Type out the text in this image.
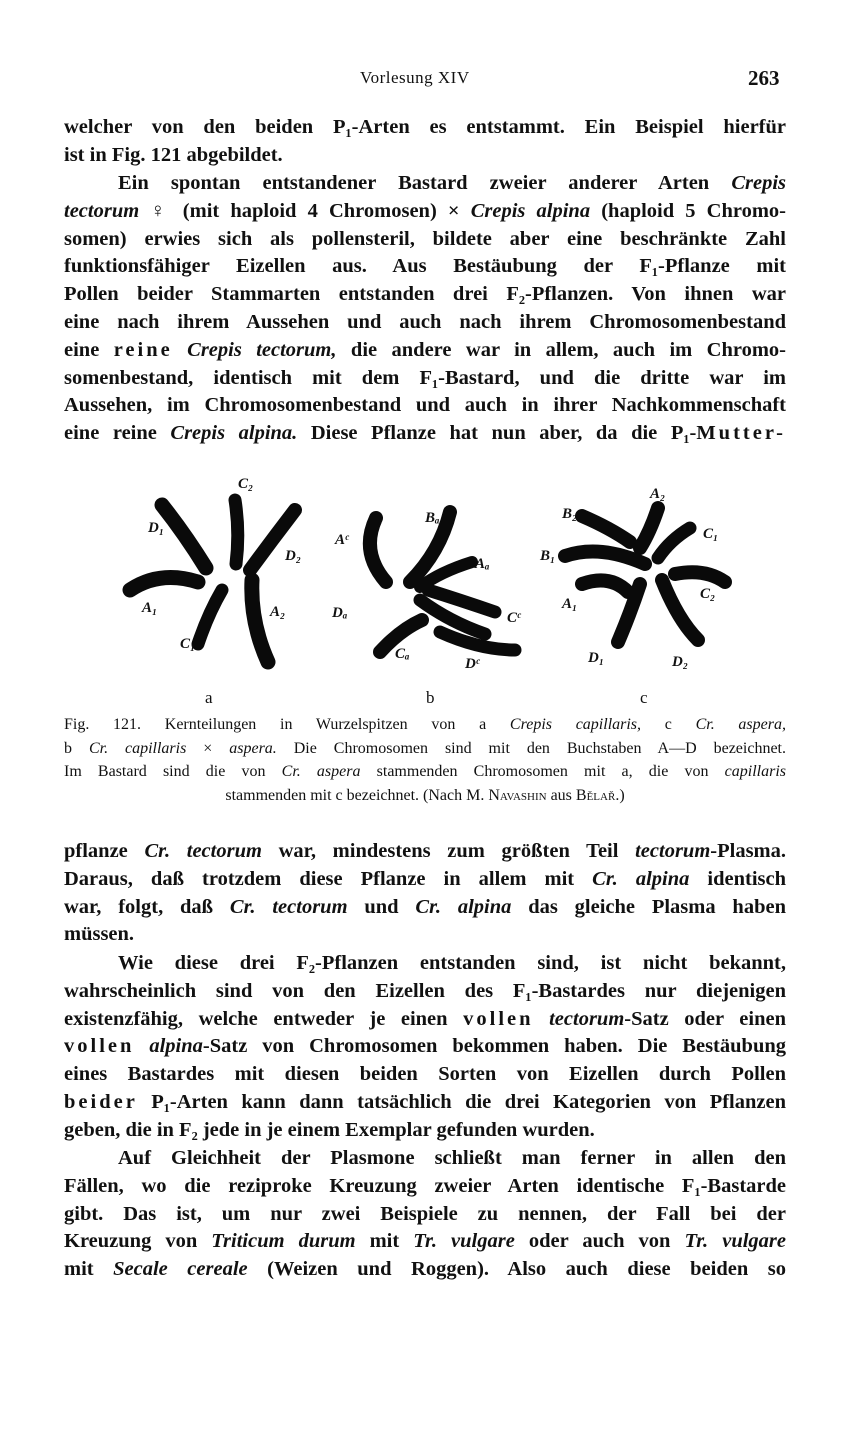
Vorlesung XIV	263

welcher von den beiden P₁-Arten es entstammt. Ein Beispiel hierfür
ist in Fig. 121 abgebildet.

Ein spontan entstandener Bastard zweier anderer Arten Crepis
tectorum ♀ (mit haploid 4 Chromosen) × Crepis alpina (haploid 5 Chromo-
somen) erwies sich als pollensteril, bildete aber eine beschränkte Zahl
funktionsfähiger Eizellen aus. Aus Bestäubung der F₁-Pflanze mit
Pollen beider Stammarten entstanden drei F₂-Pflanzen. Von ihnen war
eine nach ihrem Aussehen und auch nach ihrem Chromosomenbestand
eine reine Crepis tectorum, die andere war in allem, auch im Chromo-
somenbestand, identisch mit dem F₁-Bastard, und die dritte war im
Aussehen, im Chromosomenbestand und auch in ihrer Nachkommenschaft
eine reine Crepis alpina. Diese Pflanze hat nun aber, da die P₁-Mutter-

C₂
D₁
D₂
A₁	A₂
C₁
Bₐ
Aᶜ
Aₐ
Dₐ	Cᶜ
Cₐ
Dᶜ
A₂
B₂
C₁
B₁
C₂
A₁
D₁	D₂
a	b	c

Fig. 121. Kernteilungen in Wurzelspitzen von a Crepis capillaris, c Cr. aspera,
b Cr. capillaris × aspera. Die Chromosomen sind mit den Buchstaben A—D bezeichnet.
Im Bastard sind die von Cr. aspera stammenden Chromosomen mit a, die von capillaris
stammenden mit c bezeichnet. (Nach M. Navashin aus Bělař.)

pflanze Cr. tectorum war, mindestens zum größten Teil tectorum-Plasma.
Daraus, daß trotzdem diese Pflanze in allem mit Cr. alpina identisch
war, folgt, daß Cr. tectorum und Cr. alpina das gleiche Plasma haben
müssen.

Wie diese drei F₂-Pflanzen entstanden sind, ist nicht bekannt,
wahrscheinlich sind von den Eizellen des F₁-Bastardes nur diejenigen
existenzfähig, welche entweder je einen vollen tectorum-Satz oder einen
vollen alpina-Satz von Chromosomen bekommen haben. Die Bestäubung
eines Bastardes mit diesen beiden Sorten von Eizellen durch Pollen
beider P₁-Arten kann dann tatsächlich die drei Kategorien von Pflanzen
geben, die in F₂ jede in je einem Exemplar gefunden wurden.

Auf Gleichheit der Plasmone schließt man ferner in allen den
Fällen, wo die reziproke Kreuzung zweier Arten identische F₁-Bastarde
gibt. Das ist, um nur zwei Beispiele zu nennen, der Fall bei der
Kreuzung von Triticum durum mit Tr. vulgare oder auch von Tr. vulgare
mit Secale cereale (Weizen und Roggen). Also auch diese beiden so
